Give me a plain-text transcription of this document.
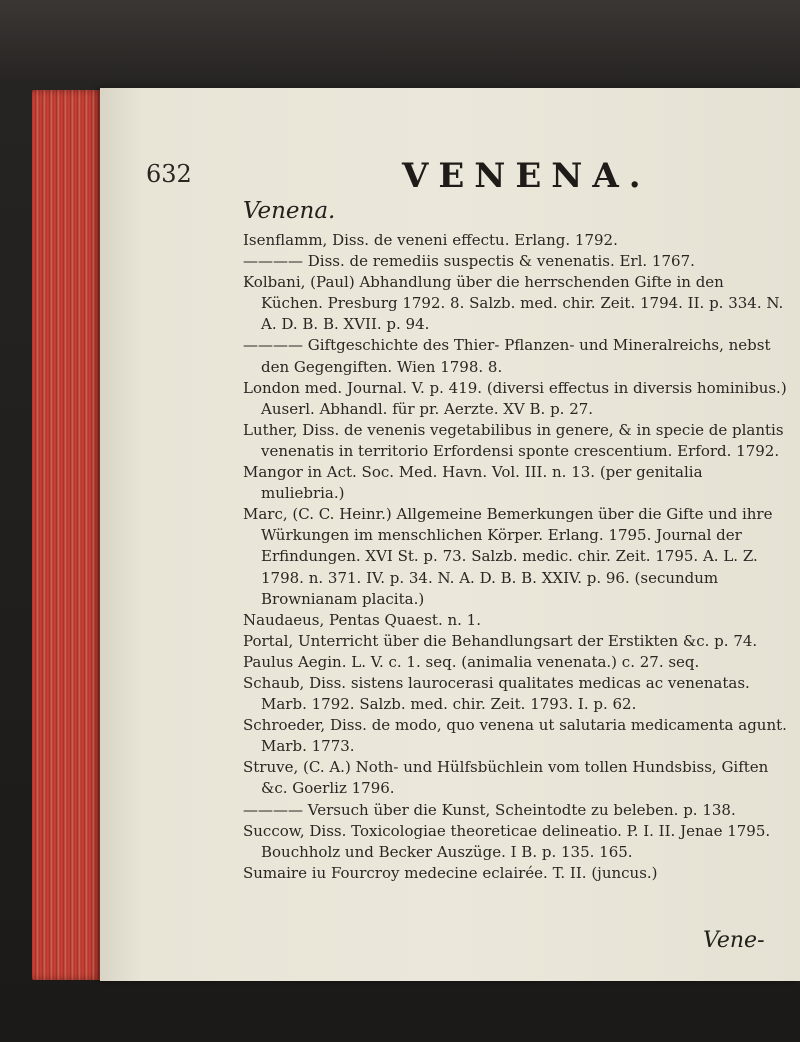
632	VENENA.
Venena.

Isenflamm, Diss. de veneni effectu. Erlang. 1792.

———— Diss. de remediis suspectis & venenatis. Erl. 1767.

Kolbani, (Paul) Abhandlung über die herrschenden Gifte in den Küchen. Presburg 1792. 8. Salzb. med. chir. Zeit. 1794. II. p. 334. N. A. D. B. B. XVII. p. 94.

———— Giftgeschichte des Thier- Pflanzen- und Mineralreichs, nebst den Gegengiften. Wien 1798. 8.

London med. Journal. V. p. 419. (diversi effectus in diversis hominibus.) Auserl. Abhandl. für pr. Aerzte. XV B. p. 27.

Luther, Diss. de venenis vegetabilibus in genere, & in specie de plantis venenatis in territorio Erfordensi sponte crescentium. Erford. 1792.

Mangor in Act. Soc. Med. Havn. Vol. III. n. 13. (per genitalia muliebria.)

Marc, (C. C. Heinr.) Allgemeine Bemerkungen über die Gifte und ihre Würkungen im menschlichen Körper. Erlang. 1795. Journal der Erfindungen. XVI St. p. 73. Salzb. medic. chir. Zeit. 1795. A. L. Z. 1798. n. 371. IV. p. 34. N. A. D. B. B. XXIV. p. 96. (secundum Brownianam placita.)

Naudaeus, Pentas Quaest. n. 1.

Portal, Unterricht über die Behandlungsart der Erstikten &c. p. 74.

Paulus Aegin. L. V. c. 1. seq. (animalia venenata.) c. 27. seq.

Schaub, Diss. sistens laurocerasi qualitates medicas ac venenatas. Marb. 1792. Salzb. med. chir. Zeit. 1793. I. p. 62.

Schroeder, Diss. de modo, quo venena ut salutaria medicamenta agunt. Marb. 1773.

Struve, (C. A.) Noth- und Hülfsbüchlein vom tollen Hundsbiss, Giften &c. Goerliz 1796.

———— Versuch über die Kunst, Scheintodte zu beleben. p. 138.

Succow, Diss. Toxicologiae theoreticae delineatio. P. I. II. Jenae 1795. Bouchholz und Becker Auszüge. I B. p. 135. 165.

Sumaire iu Fourcroy medecine eclairée. T. II. (juncus.)

Vene-
